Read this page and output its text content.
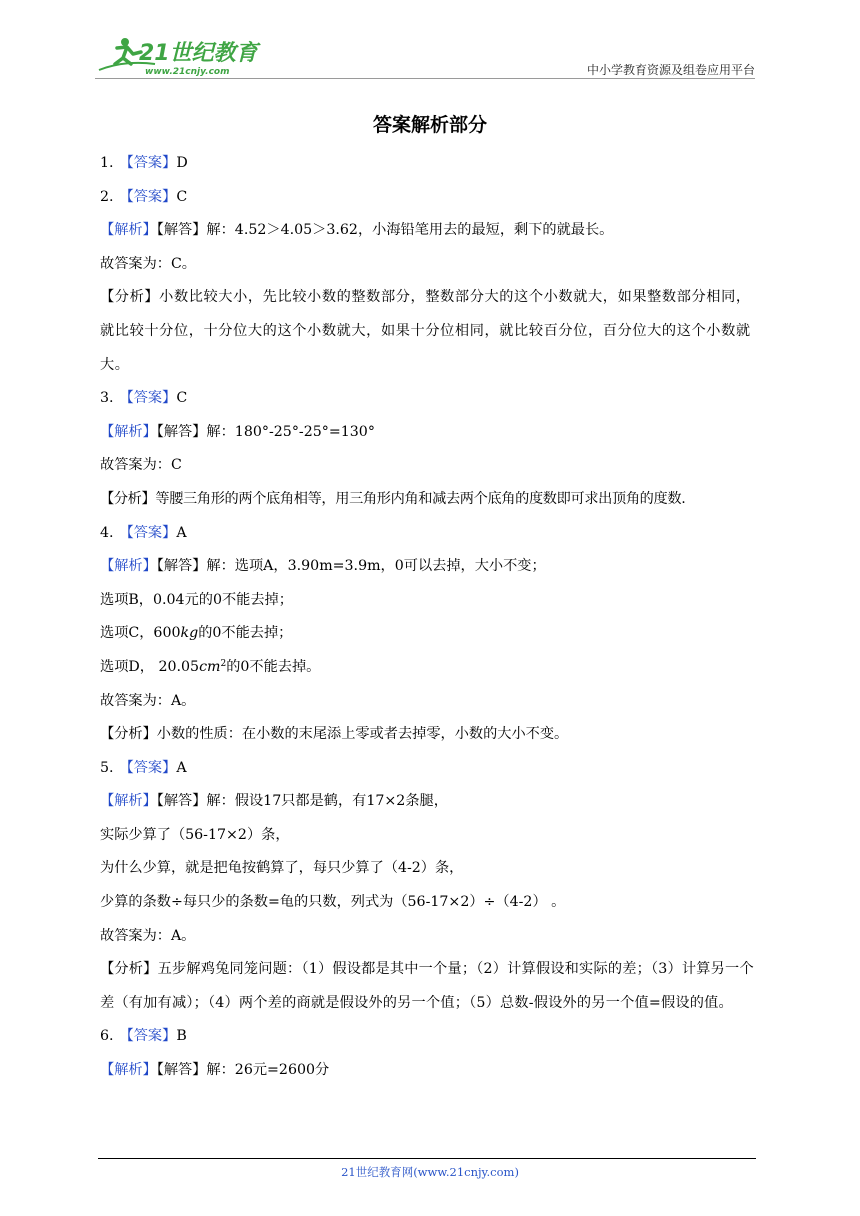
21世纪教育
www.21cnjy.com	中小学教育资源及组卷应用平台
答案解析部分
1. 【答案】D
2. 【答案】C
【解析】【解答】解：4.52＞4.05＞3.62，小海铅笔用去的最短，剩下的就最长。
故答案为：C。
【分析】小数比较大小，先比较小数的整数部分，整数部分大的这个小数就大，如果整数部分相同，就比较十分位，十分位大的这个小数就大，如果十分位相同，就比较百分位，百分位大的这个小数就大。
3. 【答案】C
【解析】【解答】解：180°-25°-25°=130°
故答案为：C
【分析】等腰三角形的两个底角相等，用三角形内角和减去两个底角的度数即可求出顶角的度数.
4. 【答案】A
【解析】【解答】解：选项A，3.90m=3.9m，0可以去掉，大小不变；
选项B，0.04元的0不能去掉；
选项C，600kg的0不能去掉；
选项D， $20.05cm^2$的0不能去掉。
故答案为：A。
【分析】小数的性质：在小数的末尾添上零或者去掉零，小数的大小不变。
5. 【答案】A
【解析】【解答】解：假设17只都是鹤，有17×2条腿，
实际少算了（56-17×2）条，
为什么少算，就是把龟按鹤算了，每只少算了（4-2）条，
少算的条数÷每只少的条数=龟的只数，列式为（56-17×2）÷（4-2） 。
故答案为：A。
【分析】五步解鸡兔同笼问题：（1）假设都是其中一个量；（2）计算假设和实际的差；（3）计算另一个差（有加有减）；（4）两个差的商就是假设外的另一个值；（5）总数-假设外的另一个值=假设的值。
6. 【答案】B
【解析】【解答】解：26元=2600分
21世纪教育网(www.21cnjy.com)
